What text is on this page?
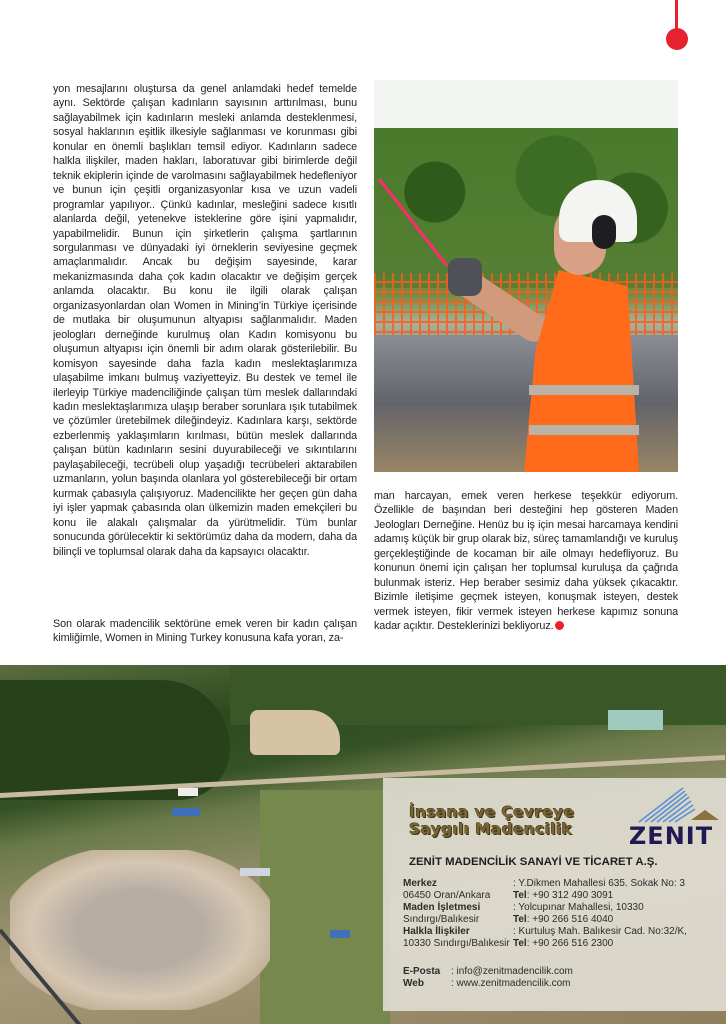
yon mesajlarını oluştursa da genel anlamdaki hedef temelde aynı. Sektörde çalışan kadınların sayısının arttırılması, bunu sağlayabilmek için kadınların mesleki anlamda desteklenmesi, sosyal haklarının eşitlik ilkesiyle sağlanması ve korunması gibi konular en önemli başlıkları temsil ediyor. Kadınların sadece halkla ilişkiler, maden hakları, laboratuvar gibi birimlerde değil teknik ekiplerin içinde de varolmasını sağlayabilmek hedefleniyor ve bunun için çeşitli organizasyonlar kısa ve uzun vadeli programlar yapılıyor.. Çünkü kadınlar, mesleğini sadece kısıtlı alanlarda değil, yetenekve isteklerine göre işini yapmalıdır, yapabilmelidir. Bunun için şirketlerin çalışma şartlarının sorgulanması ve dünyadaki iyi örneklerin seviyesine geçmek amaçlanmalıdır. Ancak bu değişim sayesinde, karar mekanizmasında daha çok kadın olacaktır ve değişim gerçek anlamda olacaktır. Bu konu ile ilgili olarak çalışan organizasyonlardan olan Women in Mining’in Türkiye içerisinde de mutlaka bir oluşumunun altyapısı sağlanmalıdır. Maden jeologları derneğinde kurulmuş olan Kadın komisyonu bu oluşumun altyapısı için önemli bir adım olarak gösterilebilir. Bu komisyon sayesinde daha fazla kadın meslektaşlarımıza ulaşabilme imkanı bulmuş vaziyetteyiz. Bu destek ve temel ile ilerleyip Türkiye madenciliğinde çalışan tüm meslek dallarındaki kadın meslektaşlarımıza ulaşıp beraber sorunlara ışık tutabilmek ve çözümler üretebilmek dileğindeyiz. Kadınlara karşı, sektörde ezberlenmiş yaklaşımların kırılması, bütün meslek dallarında çalışan bütün kadınların sesini duyurabileceği ve sıkıntılarını paylaşabileceği, tecrübeli olup yaşadığı tecrübeleri aktarabilen uzmanların, yolun başında olanlara yol gösterebileceği bir ortam kurmak çabasıyla çalışıyoruz. Madencilikte her geçen gün daha iyi işler yapmak çabasında olan ülkemizin maden emekçileri bu konu ile alakalı çalışmalar da yürütmelidir. Tüm bunlar sonucunda görülecektir ki sektörümüz daha da modern, daha da bilinçli ve toplumsal olarak daha da kapsayıcı olacaktır.

Son olarak madencilik sektörüne emek veren bir kadın çalışan kimliğimle, Women in Mining Turkey konusuna kafa yoran, za-

man harcayan, emek veren herkese teşekkür ediyorum. Özellikle de başından beri desteğini hep gösteren Maden Jeologları Derneğine. Henüz bu iş için mesai harcamaya kendini adamış küçük bir grup olarak biz, süreç tamamlandığı ve kuruluş gerçekleştiğinde de kocaman bir aile olmayı hedefliyoruz. Bu konunun önemi için çalışan her toplumsal kuruluşa da çağrıda bulunmak isteriz. Hep beraber sesimiz daha yüksek çıkacaktır. Bizimle iletişime geçmek isteyen, konuşmak isteyen, destek vermek isteyen, fikir vermek isteyen herkese kapımız sonuna kadar açıktır. Desteklerinizi bekliyoruz.

İnsana ve Çevreye
Saygılı Madencilik	ZENIT
ZENİT MADENCİLİK SANAYİ VE TİCARET A.Ş.
Merkez	: Y.Dikmen Mahallesi 635. Sokak No: 3
06450 Oran/Ankara	Tel: +90 312 490 3091
Maden İşletmesi	: Yolcupınar Mahallesi, 10330
Sındırgı/Balıkesir	Tel: +90 266 516 4040
Halkla İlişkiler	: Kurtuluş Mah. Balıkesir Cad. No:32/K,
10330 Sındırgı/Balıkesir Tel: +90 266 516 2300
E-Posta	: info@zenitmadencilik.com
Web	: www.zenitmadencilik.com
